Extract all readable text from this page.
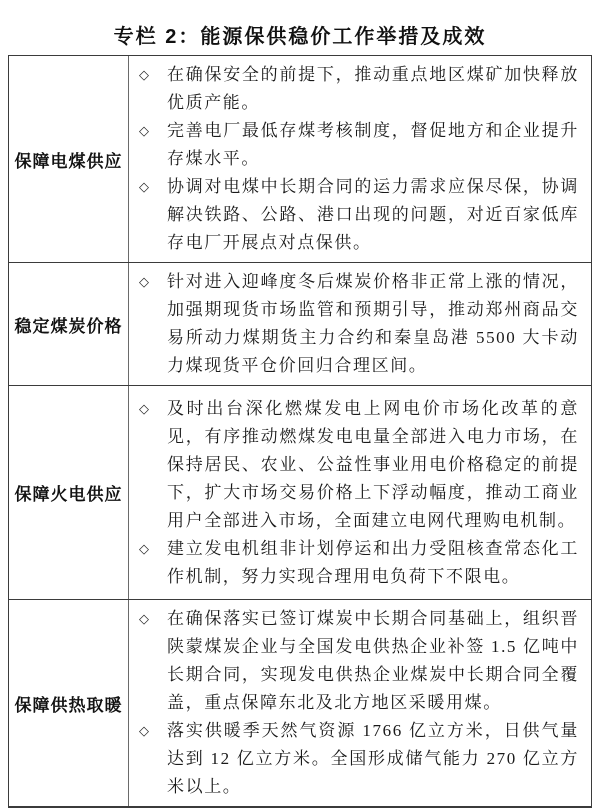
专栏 2：能源保供稳价工作举措及成效
保障电煤供应
◇	在确保安全的前提下，推动重点地区煤矿加快释放优质产能。
◇	完善电厂最低存煤考核制度，督促地方和企业提升存煤水平。
◇	协调对电煤中长期合同的运力需求应保尽保，协调解决铁路、公路、港口出现的问题，对近百家低库存电厂开展点对点保供。
稳定煤炭价格
◇	针对进入迎峰度冬后煤炭价格非正常上涨的情况，加强期现货市场监管和预期引导，推动郑州商品交易所动力煤期货主力合约和秦皇岛港 5500 大卡动力煤现货平仓价回归合理区间。
保障火电供应
◇	及时出台深化燃煤发电上网电价市场化改革的意见，有序推动燃煤发电电量全部进入电力市场，在保持居民、农业、公益性事业用电价格稳定的前提下，扩大市场交易价格上下浮动幅度，推动工商业用户全部进入市场，全面建立电网代理购电机制。
◇	建立发电机组非计划停运和出力受阻核查常态化工作机制，努力实现合理用电负荷下不限电。
保障供热取暖
◇	在确保落实已签订煤炭中长期合同基础上，组织晋陕蒙煤炭企业与全国发电供热企业补签 1.5 亿吨中长期合同，实现发电供热企业煤炭中长期合同全覆盖，重点保障东北及北方地区采暖用煤。
◇	落实供暖季天然气资源 1766 亿立方米，日供气量达到 12 亿立方米。全国形成储气能力 270 亿立方米以上。
